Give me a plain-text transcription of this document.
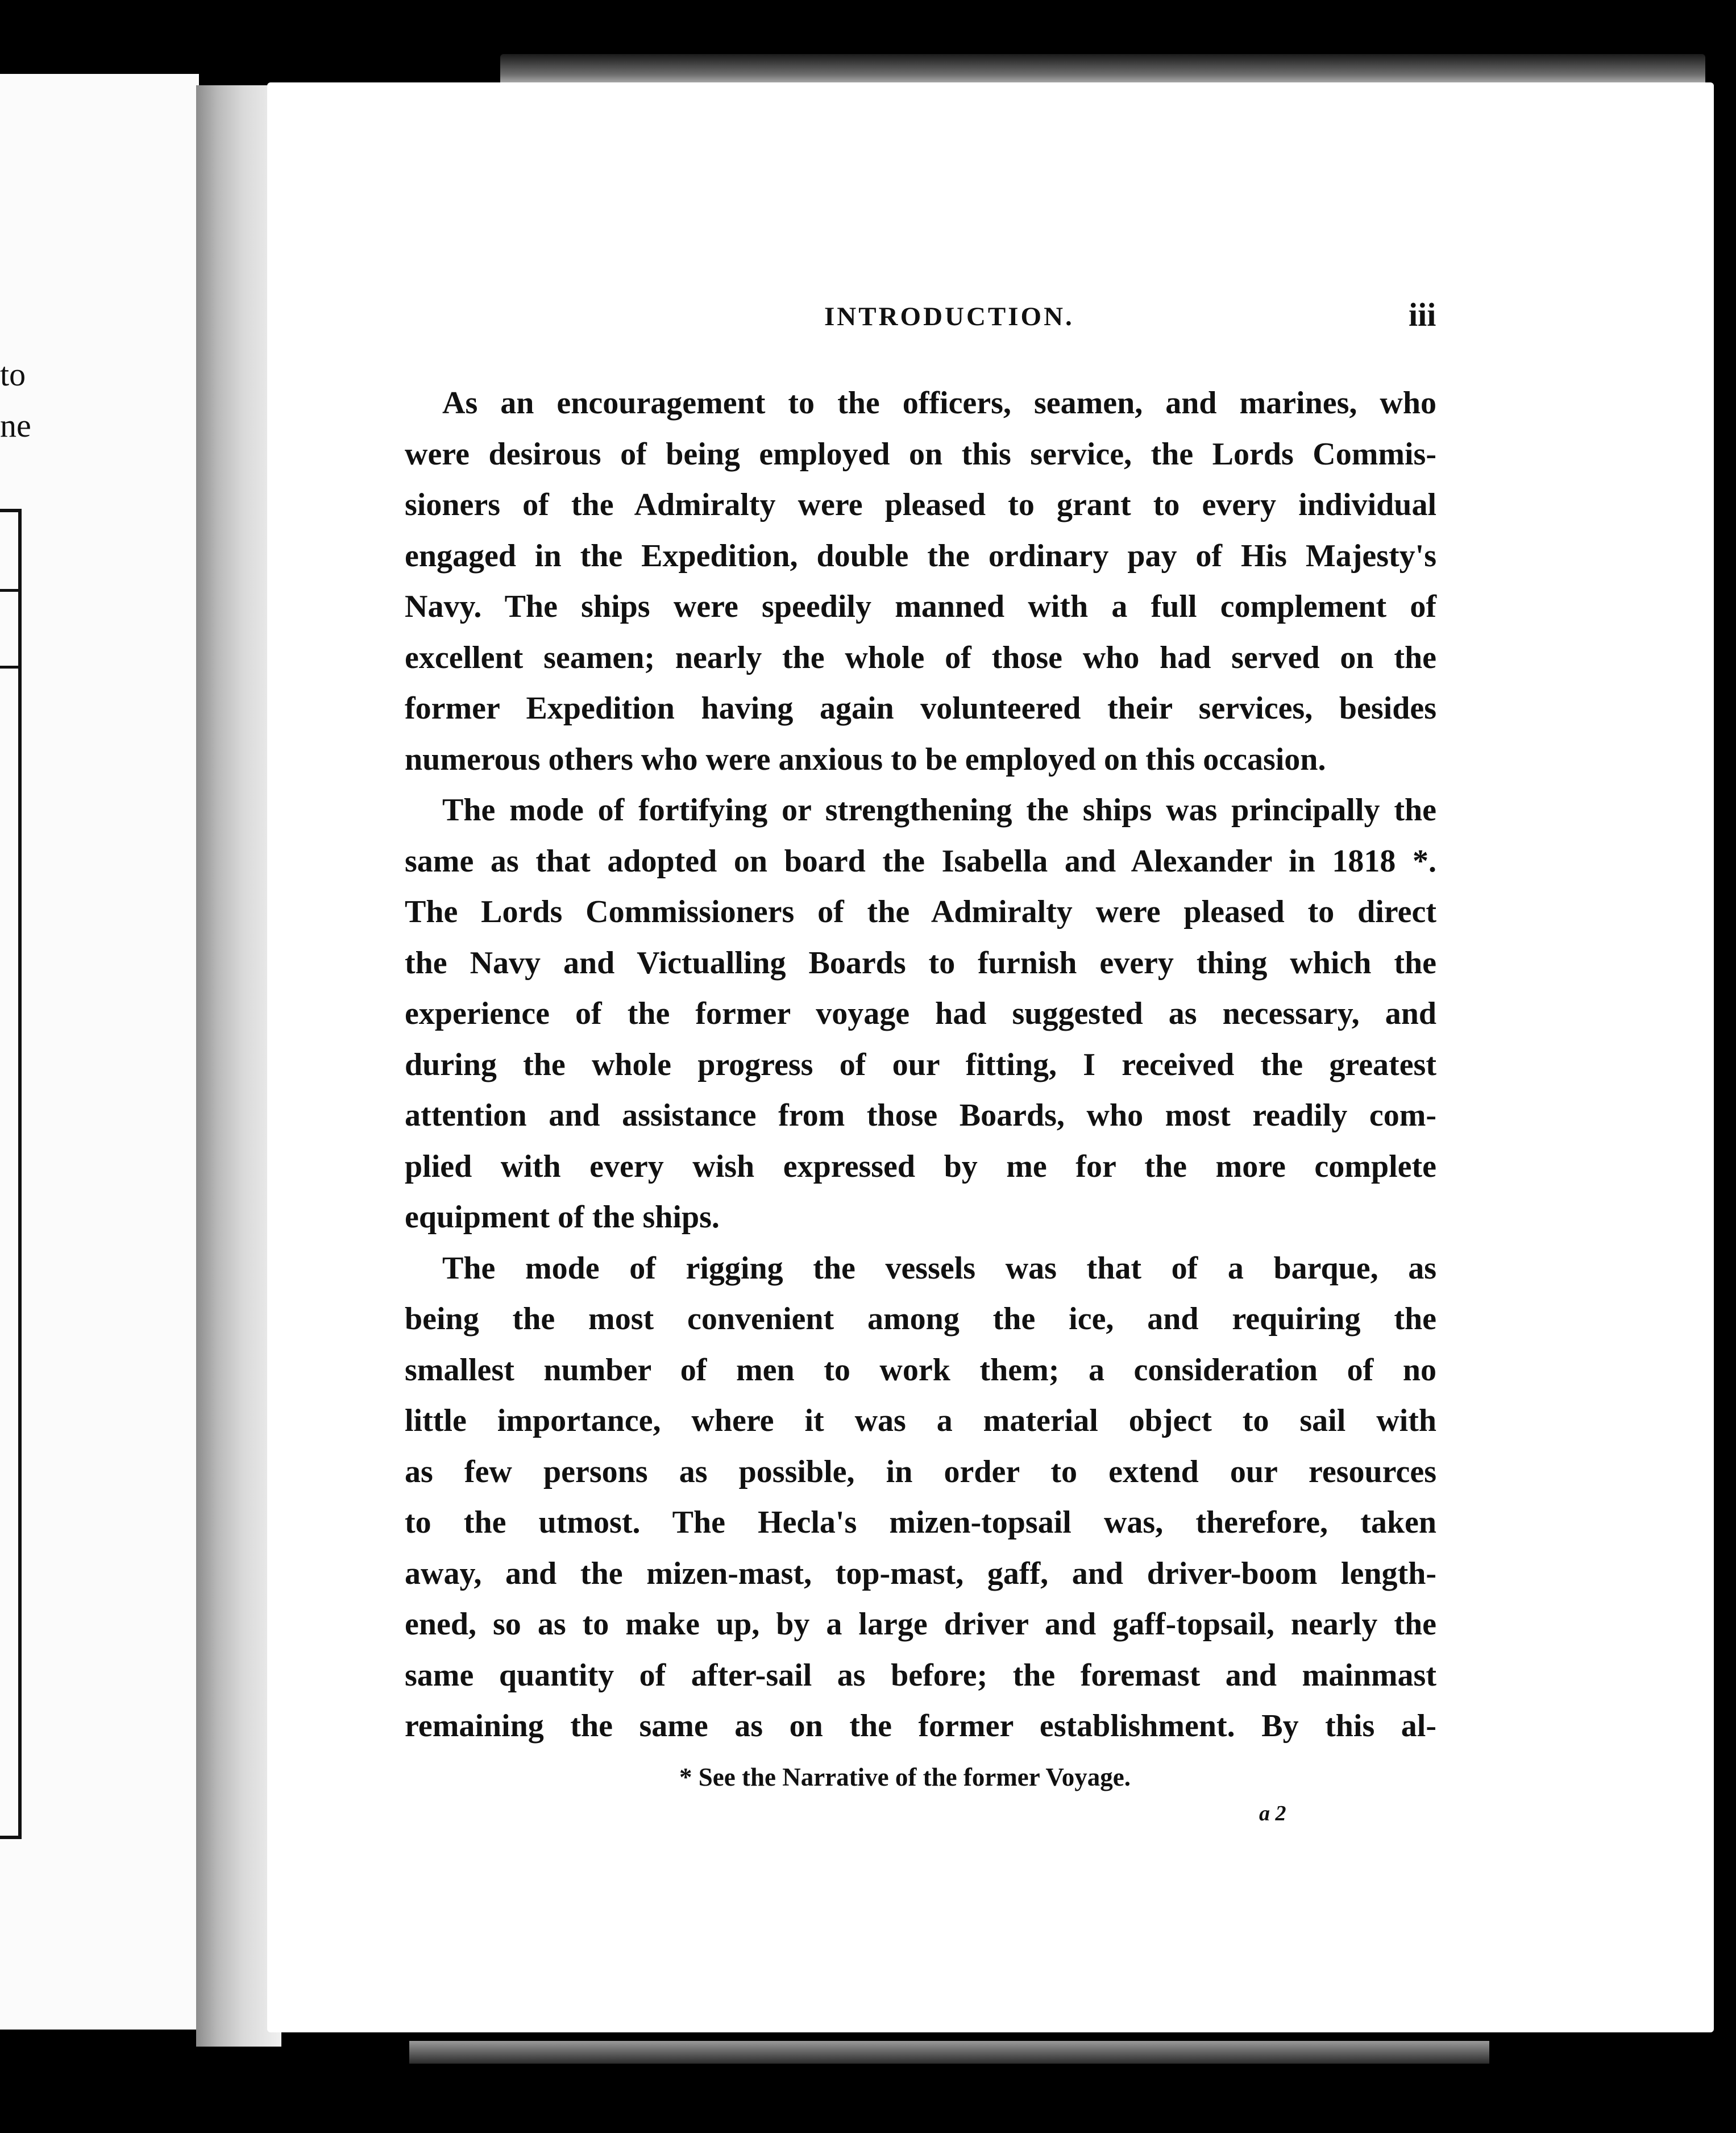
to
ne
INTRODUCTION.	iii
As an encouragement to the officers, seamen, and marines, who
were desirous of being employed on this service, the Lords Commis-
sioners of the Admiralty were pleased to grant to every individual
engaged in the Expedition, double the ordinary pay of His Majesty's
Navy. The ships were speedily manned with a full complement of
excellent seamen; nearly the whole of those who had served on the
former Expedition having again volunteered their services, besides
numerous others who were anxious to be employed on this occasion.
The mode of fortifying or strengthening the ships was principally the
same as that adopted on board the Isabella and Alexander in 1818 *.
The Lords Commissioners of the Admiralty were pleased to direct
the Navy and Victualling Boards to furnish every thing which the
experience of the former voyage had suggested as necessary, and
during the whole progress of our fitting, I received the greatest
attention and assistance from those Boards, who most readily com-
plied with every wish expressed by me for the more complete
equipment of the ships.
The mode of rigging the vessels was that of a barque, as
being the most convenient among the ice, and requiring the
smallest number of men to work them; a consideration of no
little importance, where it was a material object to sail with
as few persons as possible, in order to extend our resources
to the utmost. The Hecla's mizen-topsail was, therefore, taken
away, and the mizen-mast, top-mast, gaff, and driver-boom length-
ened, so as to make up, by a large driver and gaff-topsail, nearly the
same quantity of after-sail as before; the foremast and mainmast
remaining the same as on the former establishment. By this al-
* See the Narrative of the former Voyage.
a 2
